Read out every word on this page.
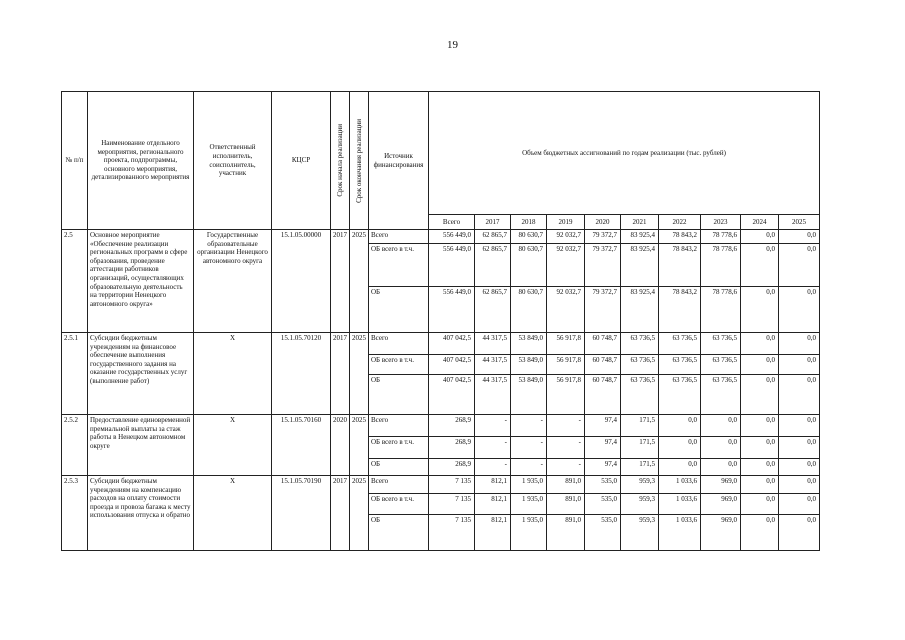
19
№ п/п	Наименование отдельного мероприятия, регионального проекта, подпрограммы, основного мероприятия, детализированного мероприятия	Ответственный исполнитель, соисполнитель, участник	КЦСР	Срок начала реализации	Срок окончания реализации	Источник финансирования	Объем бюджетных ассигнований по годам реализации (тыс. рублей)									
							Всего	2017	2018	2019	2020	2021	2022	2023	2024	2025
2.5	Основное мероприятие «Обеспечение реализации региональных программ в сфере образования, проведение аттестации работников организаций, осуществляющих образовательную деятельность на территории Ненецкого автономного округа»	Государственные образовательные организации Ненецкого автономного округа	15.1.05.00000	2017	2025	Всего	556 449,0	62 865,7	80 630,7	92 032,7	79 372,7	83 925,4	78 843,2	78 778,6	0,0	0,0
						ОБ всего в т.ч.	556 449,0	62 865,7	80 630,7	92 032,7	79 372,7	83 925,4	78 843,2	78 778,6	0,0	0,0
						ОБ	556 449,0	62 865,7	80 630,7	92 032,7	79 372,7	83 925,4	78 843,2	78 778,6	0,0	0,0
2.5.1	Субсидии бюджетным учреждениям на финансовое обеспечение выполнения государственного задания на оказание государственных услуг (выполнение работ)	Х	15.1.05.70120	2017	2025	Всего	407 042,5	44 317,5	53 849,0	56 917,8	60 748,7	63 736,5	63 736,5	63 736,5	0,0	0,0
						ОБ всего в т.ч.	407 042,5	44 317,5	53 849,0	56 917,8	60 748,7	63 736,5	63 736,5	63 736,5	0,0	0,0
						ОБ	407 042,5	44 317,5	53 849,0	56 917,8	60 748,7	63 736,5	63 736,5	63 736,5	0,0	0,0
2.5.2	Предоставление единовременной премиальной выплаты за стаж работы в Ненецком автономном округе	Х	15.1.05.70160	2020	2025	Всего	268,9	-	-	-	97,4	171,5	0,0	0,0	0,0	0,0
						ОБ всего в т.ч.	268,9	-	-	-	97,4	171,5	0,0	0,0	0,0	0,0
						ОБ	268,9	-	-	-	97,4	171,5	0,0	0,0	0,0	0,0
2.5.3	Субсидии бюджетным учреждениям на компенсацию расходов на оплату стоимости проезда и провоза багажа к месту использования отпуска и обратно	Х	15.1.05.70190	2017	2025	Всего	7 135	812,1	1 935,0	891,0	535,0	959,3	1 033,6	969,0	0,0	0,0
						ОБ всего в т.ч.	7 135	812,1	1 935,0	891,0	535,0	959,3	1 033,6	969,0	0,0	0,0
						ОБ	7 135	812,1	1 935,0	891,0	535,0	959,3	1 033,6	969,0	0,0	0,0
